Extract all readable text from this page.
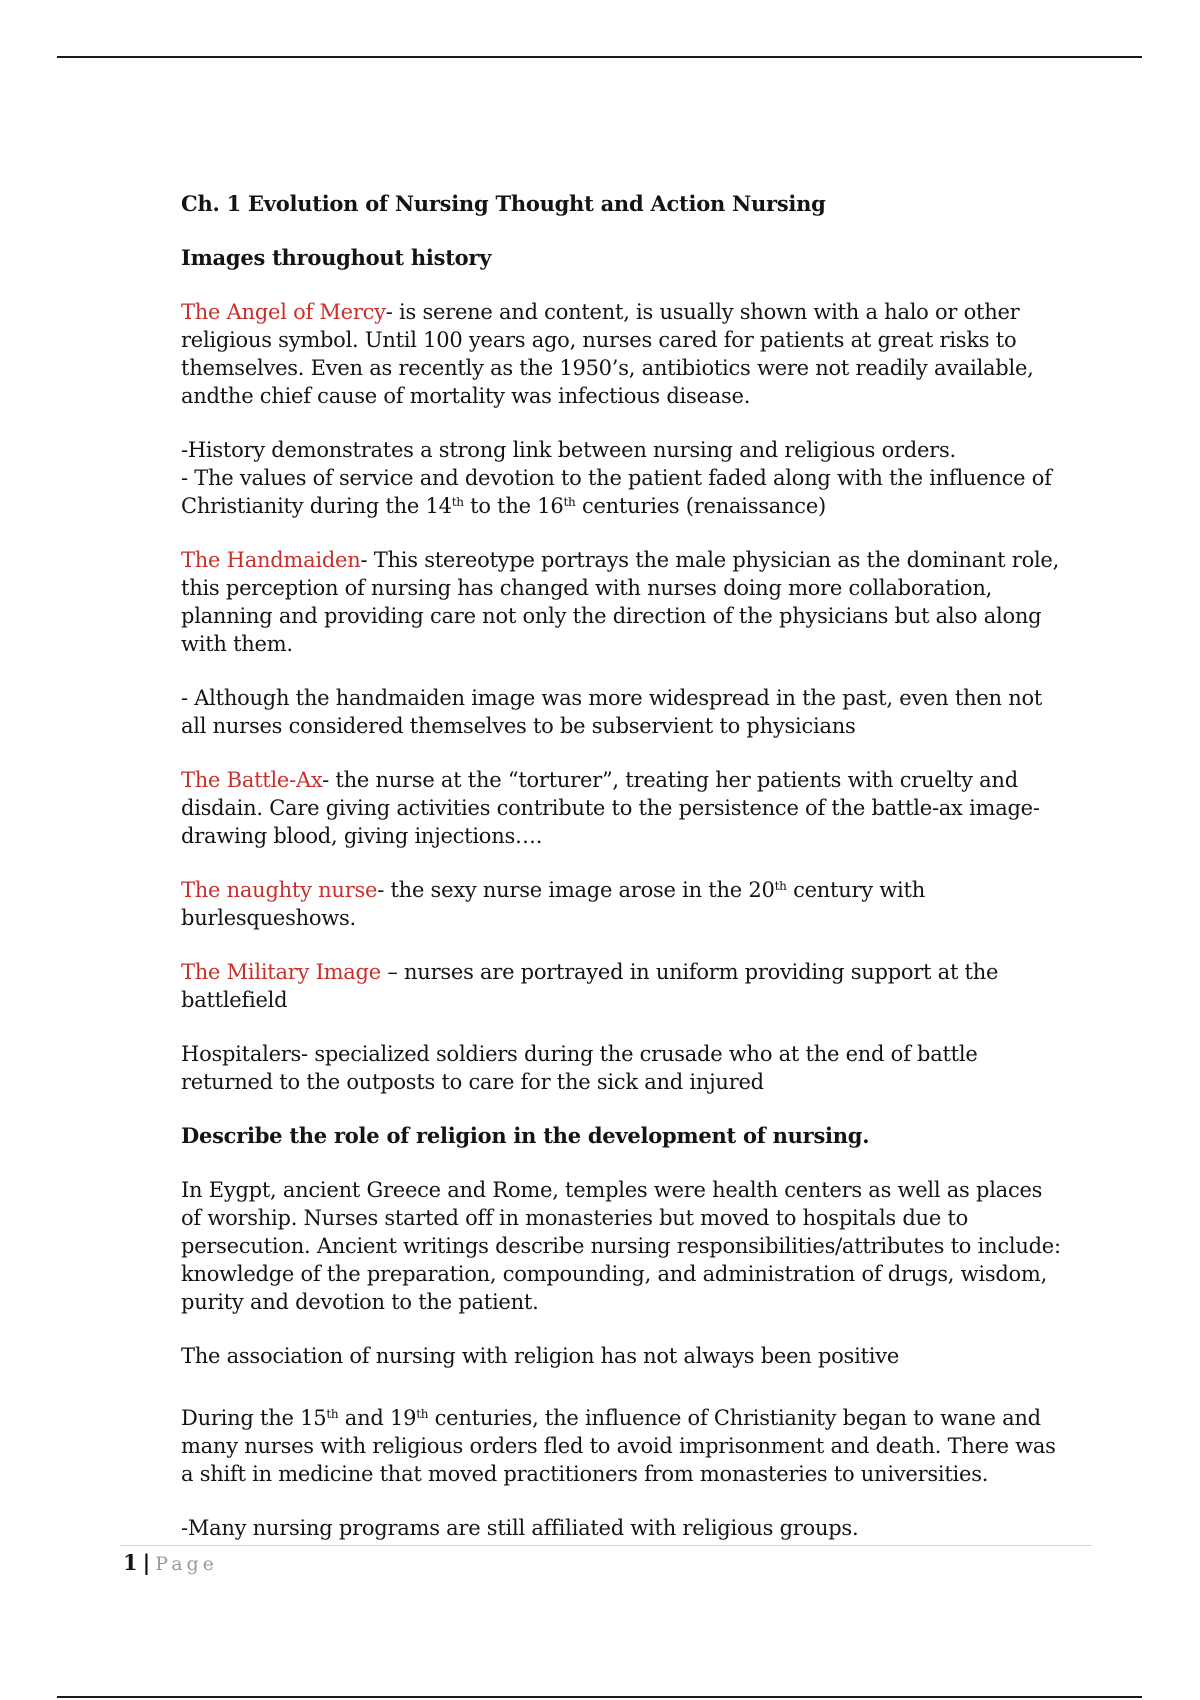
Ch. 1 Evolution of Nursing Thought and Action Nursing
Images throughout history

The Angel of Mercy- is serene and content, is usually shown with a halo or other religious symbol. Until 100 years ago, nurses cared for patients at great risks to themselves. Even as recently as the 1950’s, antibiotics were not readily available, andthe chief cause of mortality was infectious disease.

-History demonstrates a strong link between nursing and religious orders.
- The values of service and devotion to the patient faded along with the influence of Christianity during the 14th to the 16th centuries (renaissance)

The Handmaiden- This stereotype portrays the male physician as the dominant role, this perception of nursing has changed with nurses doing more collaboration, planning and providing care not only the direction of the physicians but also along with them.

- Although the handmaiden image was more widespread in the past, even then not all nurses considered themselves to be subservient to physicians

The Battle-Ax- the nurse at the “torturer”, treating her patients with cruelty and disdain. Care giving activities contribute to the persistence of the battle-ax image- drawing blood, giving injections….

The naughty nurse- the sexy nurse image arose in the 20th century with burlesqueshows.

The Military Image – nurses are portrayed in uniform providing support at the battlefield

Hospitalers- specialized soldiers during the crusade who at the end of battle returned to the outposts to care for the sick and injured

Describe the role of religion in the development of nursing.

In Eygpt, ancient Greece and Rome, temples were health centers as well as places of worship. Nurses started off in monasteries but moved to hospitals due to persecution. Ancient writings describe nursing responsibilities/attributes to include: knowledge of the preparation, compounding, and administration of drugs, wisdom, purity and devotion to the patient.

The association of nursing with religion has not always been positive

During the 15th and 19th centuries, the influence of Christianity began to wane and many nurses with religious orders fled to avoid imprisonment and death. There was a shift in medicine that moved practitioners from monasteries to universities.

-Many nursing programs are still affiliated with religious groups.

1 | Page
